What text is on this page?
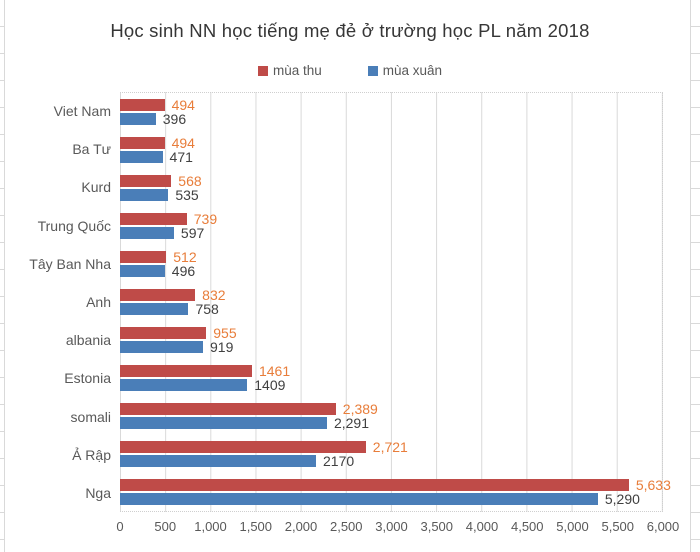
Học sinh NN học tiếng mẹ đẻ ở trường học PL năm 2018
mùa thu	mùa xuân
Viet Nam
Ba Tư
Kurd
Trung Quốc
Tây Ban Nha
Anh
albania
Estonia
somali
Ả Rập
Nga
494
396
494
471
568
535
739
597
512
496
832
758
955
919
1461
1409
2,389
2,291
2,721
2170
5,633
5,290
0 500 1,000 1,500 2,000 2,500 3,000 3,500 4,000 4,500 5,000 5,500 6,000
